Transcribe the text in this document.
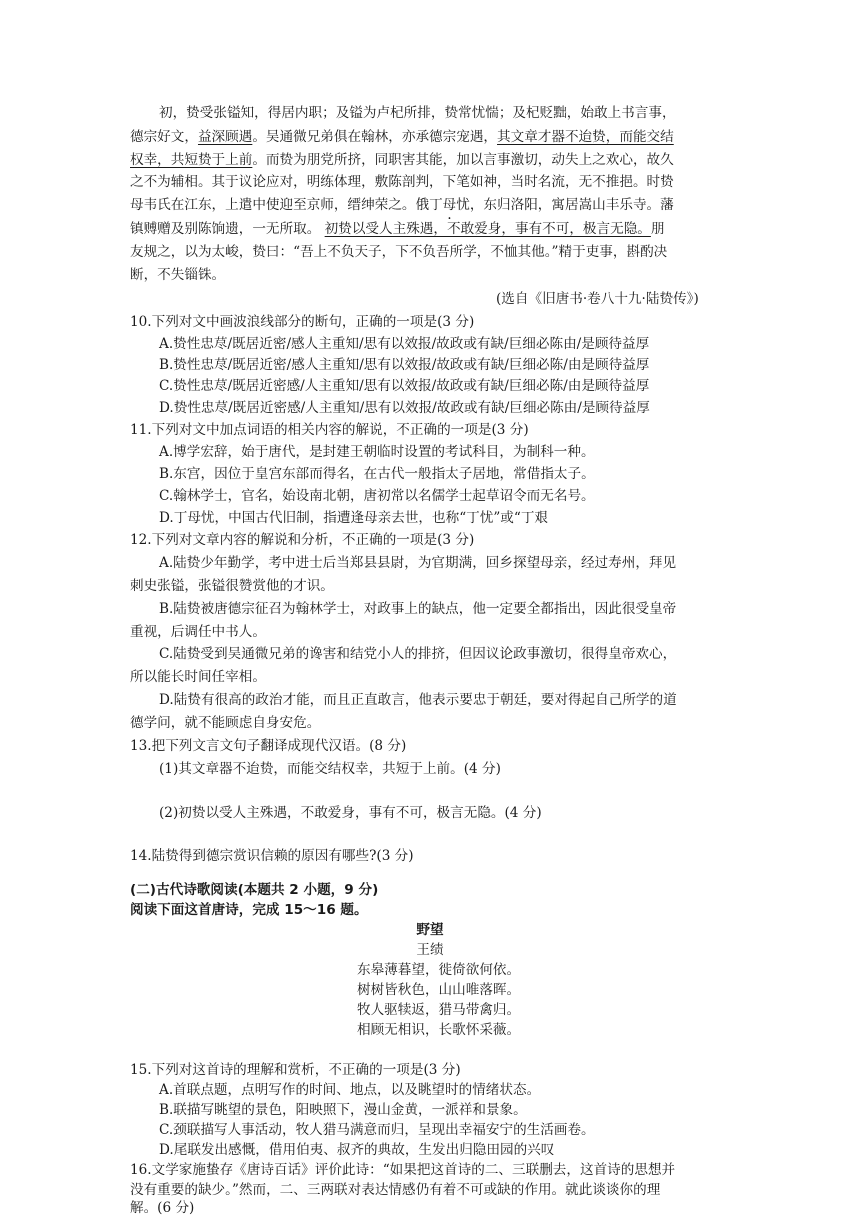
初，贽受张镒知，得居内职；及镒为卢杞所排，贽常忧惴；及杞贬黜，始敢上书言事，
德宗好文，益深顾遇。吴通微兄弟俱在翰林，亦承德宗宠遇，其文章才器不迨贽，而能交结
权幸，共短贽于上前。而贽为朋党所挤，同职害其能，加以言事激切，动失上之欢心，故久
之不为辅相。其于议论应对，明练体理，敷陈剖判，下笔如神，当时名流，无不推挹。时贽
母韦氏在江东，上遣中使迎至京师，缙绅荣之。俄丁母忧，东归洛阳，寓居嵩山丰乐寺。藩
镇赙赠及别陈饷遗，一无所取。 初贽以受人主殊遇，不敢爱身，事有不可，极言无隐。朋
友规之，以为太峻，贽曰：“吾上不负天子，下不负吾所学，不恤其他。”精于吏事，斟酌决
断，不失锱铢。
(选自《旧唐书·卷八十九·陆贽传》)
10.下列对文中画波浪线部分的断句，正确的一项是(3 分)
A.贽性忠荩/既居近密/感人主重知/思有以效报/故政或有缺/巨细必陈由/是顾待益厚
B.贽性忠荩/既居近密/感人主重知/思有以效报/故政或有缺/巨细必陈/由是顾待益厚
C.贽性忠荩/既居近密感/人主重知/思有以效报/故政或有缺/巨细必陈/由是顾待益厚
D.贽性忠荩/既居近密感/人主重知/思有以效报/故政或有缺/巨细必陈由/是顾待益厚
11.下列对文中加点词语的相关内容的解说，不正确的一项是(3 分)
A.博学宏辞，始于唐代，是封建王朝临时设置的考试科目，为制科一种。
B.东宫，因位于皇宫东部而得名，在古代一般指太子居地，常借指太子。
C.翰林学士，官名，始设南北朝，唐初常以名儒学士起草诏令而无名号。
D.丁母忧，中国古代旧制，指遭逢母亲去世，也称“丁忧”或“丁艰
12.下列对文章内容的解说和分析，不正确的一项是(3 分)
A.陆贽少年勤学，考中进士后当郑县县尉，为官期满，回乡探望母亲，经过寿州，拜见
刺史张镒，张镒很赞赏他的才识。
B.陆贽被唐德宗征召为翰林学士，对政事上的缺点，他一定要全都指出，因此很受皇帝
重视，后调任中书人。
C.陆贽受到吴通微兄弟的谗害和结党小人的排挤，但因议论政事激切，很得皇帝欢心，
所以能长时间任宰相。
D.陆贽有很高的政治才能，而且正直敢言，他表示要忠于朝廷，要对得起自己所学的道
德学问，就不能顾虑自身安危。
13.把下列文言文句子翻译成现代汉语。(8 分)
(1)其文章器不迨贽，而能交结权幸，共短于上前。(4 分)
(2)初贽以受人主殊遇，不敢爱身，事有不可，极言无隐。(4 分)
14.陆贽得到德宗赏识信赖的原因有哪些?(3 分)
(二)古代诗歌阅读(本题共 2 小题，9 分)
阅读下面这首唐诗，完成 15～16 题。
野望
王绩
东皋薄暮望，徙倚欲何依。
树树皆秋色，山山唯落晖。
牧人驱犊返，猎马带禽归。
相顾无相识，长歌怀采薇。
15.下列对这首诗的理解和赏析，不正确的一项是(3 分)
A.首联点题，点明写作的时间、地点，以及眺望时的情绪状态。
B.联描写眺望的景色，阳映照下，漫山金黄，一派祥和景象。
C.颈联描写人事活动，牧人猎马满意而归，呈现出幸福安宁的生活画卷。
D.尾联发出感慨，借用伯夷、叔齐的典故，生发出归隐田园的兴叹
16.文学家施蛰存《唐诗百话》评价此诗：“如果把这首诗的二、三联删去，这首诗的思想并
没有重要的缺少。”然而，二、三两联对表达情感仍有着不可或缺的作用。就此谈谈你的理
解。(6 分)
